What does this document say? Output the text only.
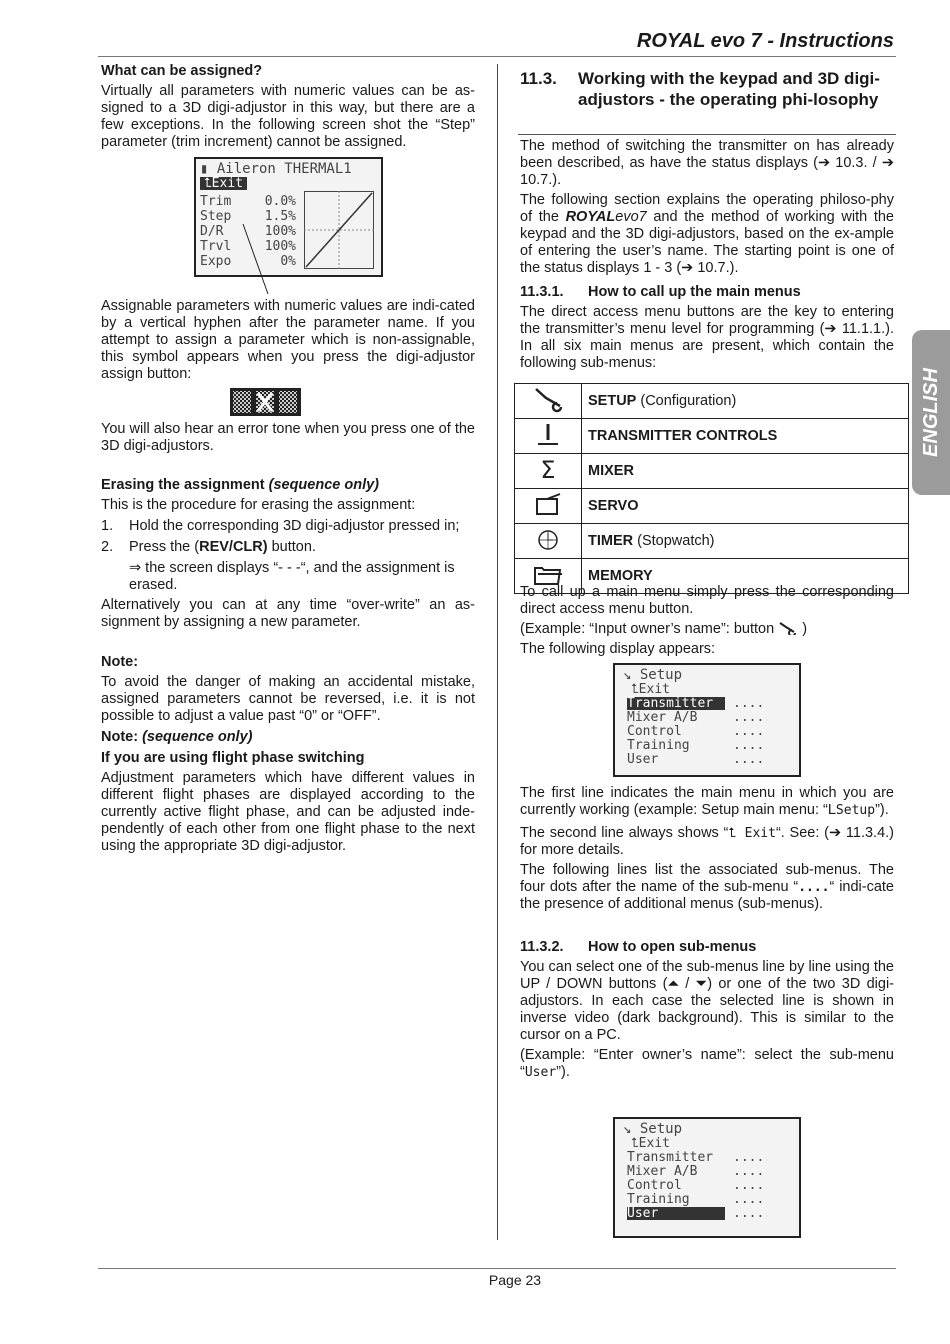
ROYAL evo 7 - Instructions
ENGLISH

What can be assigned?

Virtually all parameters with numeric values can be as-signed to a 3D digi-adjustor in this way, but there are a few exceptions. In the following screen shot the “Step” parameter (trim increment) cannot be assigned.

▮ Aileron THERMAL1
⮤Exit
Trim	0.0%
Step	1.5%
D/R	100%
Trvl	100%
Expo	0%

Assignable parameters with numeric values are indi-cated by a vertical hyphen after the parameter name. If you attempt to assign a parameter which is non-assignable, this symbol appears when you press the digi-adjustor assign button:

You will also hear an error tone when you press one of the 3D digi-adjustors.

Erasing the assignment (sequence only)

This is the procedure for erasing the assignment:

1.	Hold the corresponding 3D digi-adjustor pressed in;
2.	Press the (REV/CLR) button.

⇒ the screen displays “- - -“, and the assignment is erased.

Alternatively you can at any time “over-write” an as-signment by assigning a new parameter.

Note:

To avoid the danger of making an accidental mistake, assigned parameters cannot be reversed, i.e. it is not possible to adjust a value past “0” or “OFF”.

Note: (sequence only)

If you are using flight phase switching

Adjustment parameters which have different values in different flight phases are displayed according to the currently active flight phase, and can be adjusted inde-pendently of each other from one flight phase to the next using the appropriate 3D digi-adjustor.

11.3.	Working with the keypad and 3D digi-adjustors - the operating phi-losophy

The method of switching the transmitter on has already been described, as have the status displays (➔ 10.3. / ➔ 10.7.).

The following section explains the operating philoso-phy of the ROYALevo7 and the method of working with the keypad and the 3D digi-adjustors, based on the ex-ample of entering the user’s name. The starting point is one of the status displays 1 - 3 (➔ 10.7.).

11.3.1.	How to call up the main menus

The direct access menu buttons are the key to entering the transmitter’s menu level for programming (➔ 11.1.1.). In all six main menus are present, which contain the following sub-menus:

	SETUP (Configuration)
	TRANSMITTER CONTROLS

Σ	MIXER
	SERVO
	TIMER (Stopwatch)
	MEMORY

To call up a main menu simply press the corresponding direct access menu button.

(Example: “Input owner’s name”: button )

The following display appears:

↘ Setup
⮤Exit
Transmitter ....
Mixer A/B	....
Control	....
Training	....
User	....

The first line indicates the main menu in which you are currently working (example: Setup main menu: “LSetup”).

The second line always shows “⮤ Exit“. See: (➔ 11.3.4.) for more details.

The following lines list the associated sub-menus. The four dots after the name of the sub-menu “....“ indi-cate the presence of additional menus (sub-menus).

11.3.2.	How to open sub-menus

You can select one of the sub-menus line by line using the UP / DOWN buttons (⏶ / ⏷) or one of the two 3D digi-adjustors. In each case the selected line is shown in inverse video (dark background). This is similar to the cursor on a PC.

(Example: “Enter owner’s name”: select the sub-menu “User”).

↘ Setup
⮤Exit
Transmitter ....
Mixer A/B	....
Control	....
Training	....
User	....
Page 23
